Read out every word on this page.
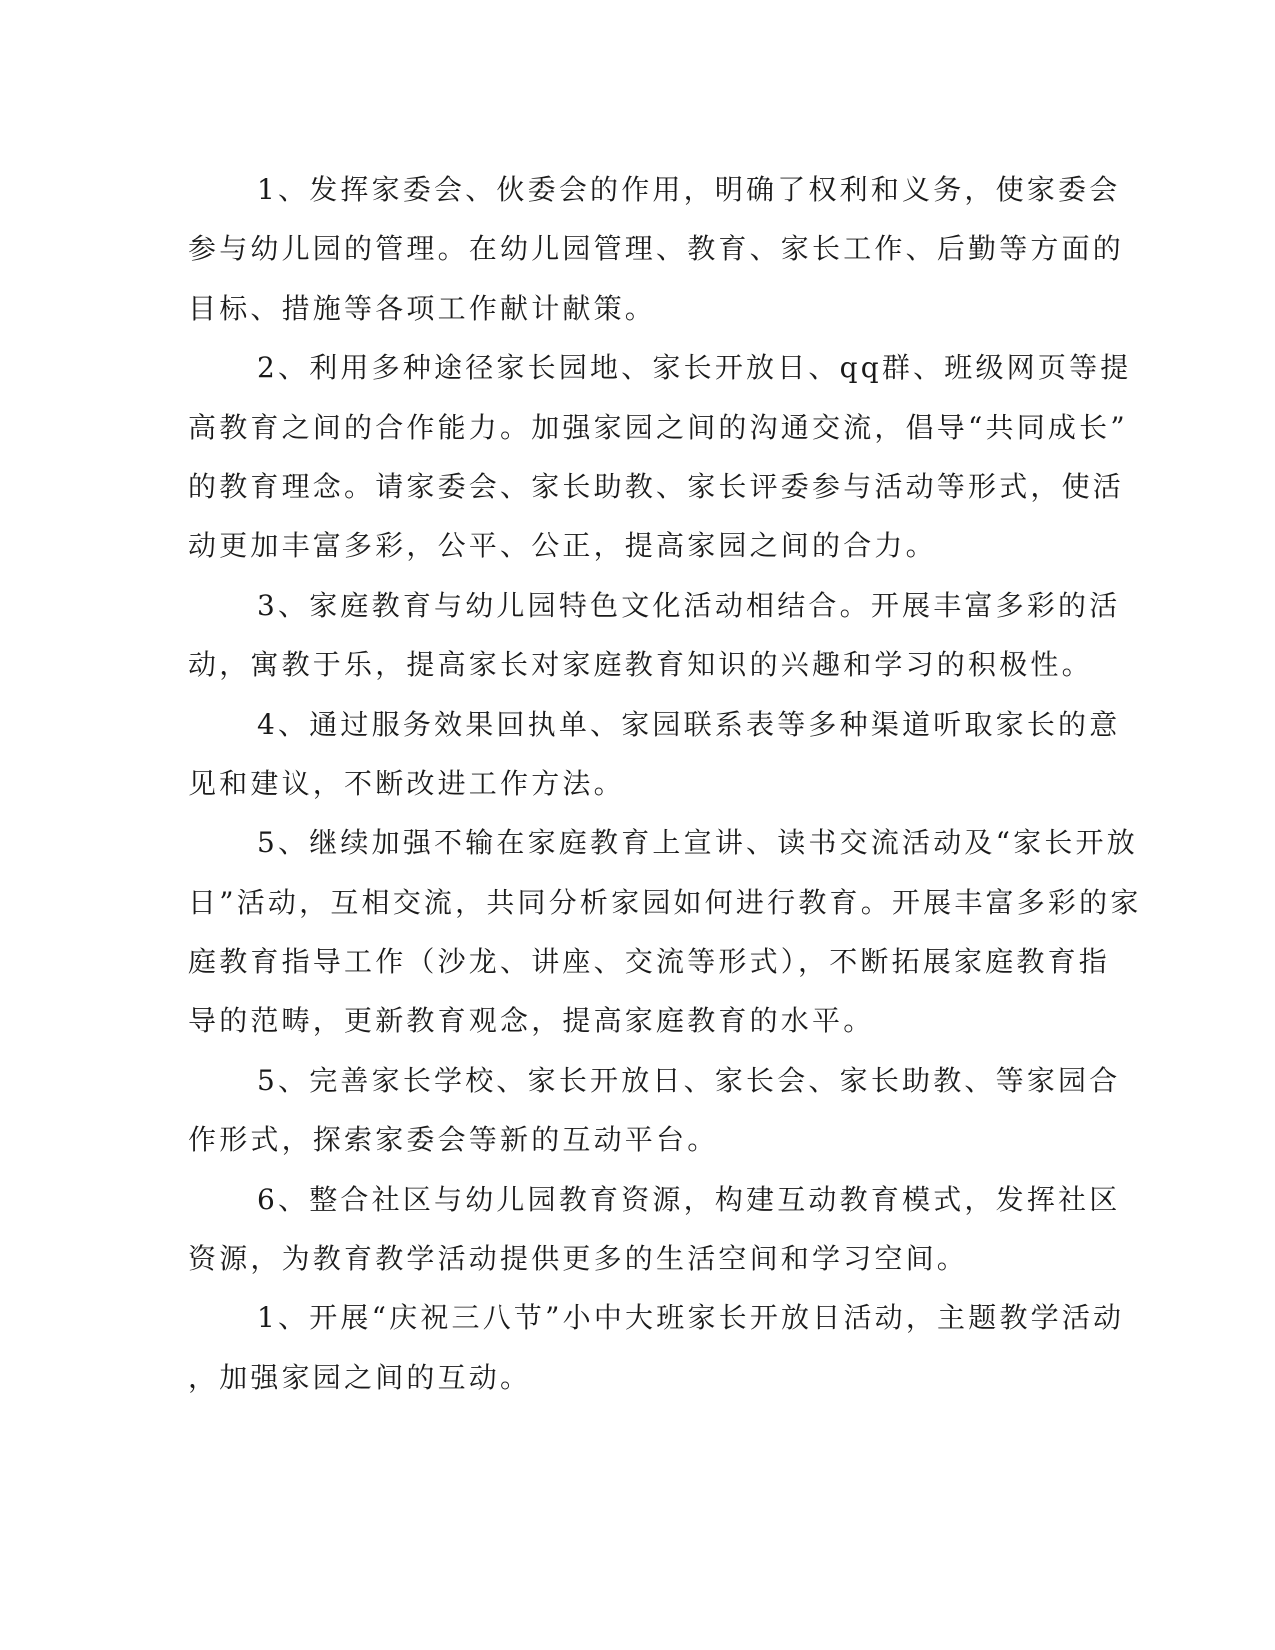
1、发挥家委会、伙委会的作用，明确了权利和义务，使家委会

参与幼儿园的管理。在幼儿园管理、教育、家长工作、后勤等方面的

目标、措施等各项工作献计献策。

2、利用多种途径家长园地、家长开放日、qq群、班级网页等提

高教育之间的合作能力。加强家园之间的沟通交流，倡导“共同成长”

的教育理念。请家委会、家长助教、家长评委参与活动等形式，使活

动更加丰富多彩，公平、公正，提高家园之间的合力。

3、家庭教育与幼儿园特色文化活动相结合。开展丰富多彩的活

动，寓教于乐，提高家长对家庭教育知识的兴趣和学习的积极性。

4、通过服务效果回执单、家园联系表等多种渠道听取家长的意

见和建议，不断改进工作方法。

5、继续加强不输在家庭教育上宣讲、读书交流活动及“家长开放

日”活动，互相交流，共同分析家园如何进行教育。开展丰富多彩的家

庭教育指导工作（沙龙、讲座、交流等形式），不断拓展家庭教育指

导的范畴，更新教育观念，提高家庭教育的水平。

5、完善家长学校、家长开放日、家长会、家长助教、等家园合

作形式，探索家委会等新的互动平台。

6、整合社区与幼儿园教育资源，构建互动教育模式，发挥社区

资源，为教育教学活动提供更多的生活空间和学习空间。

1、开展“庆祝三八节”小中大班家长开放日活动，主题教学活动

，加强家园之间的互动。
